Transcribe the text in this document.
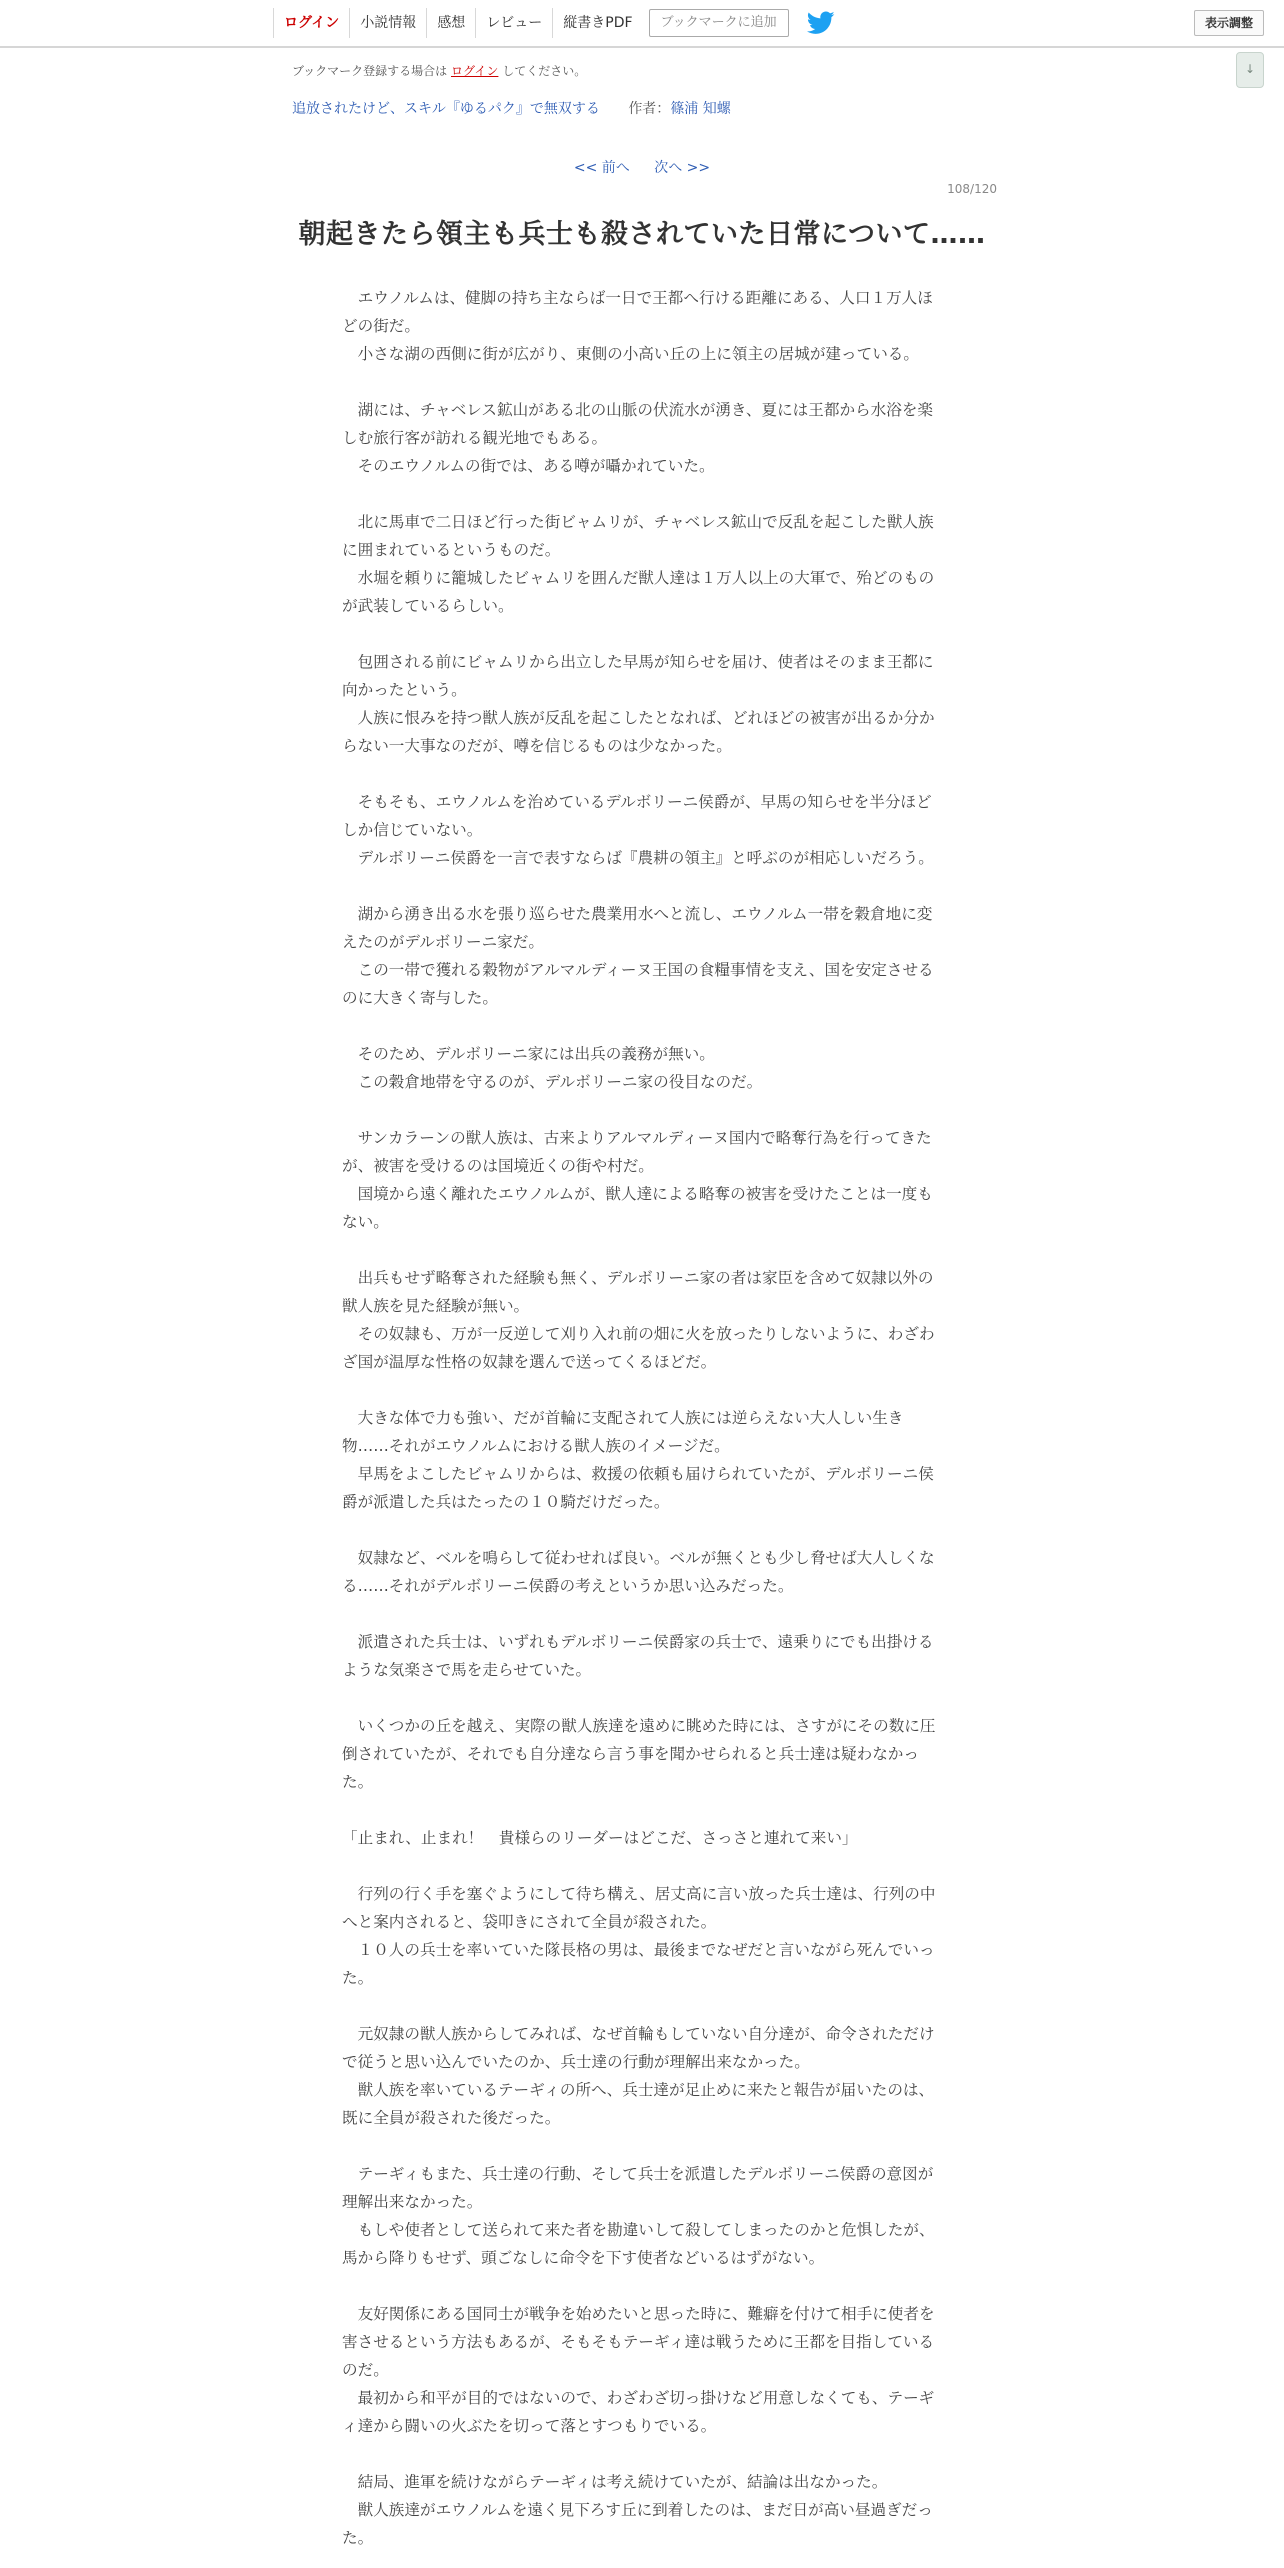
ログイン	小説情報	感想	レビュー	縦書きPDF	ブックマークに追加	表示調整
↓
ブックマーク登録する場合は ログイン してください。
追放されたけど、スキル『ゆるパク』で無双する 作者：篠浦 知螺
<< 前へ 次へ >>
108/120
朝起きたら領主も兵士も殺されていた日常について……

　エウノルムは、健脚の持ち主ならば一日で王都へ行ける距離にある、人口１万人ほどの街だ。

　小さな湖の西側に街が広がり、東側の小高い丘の上に領主の居城が建っている。

　湖には、チャベレス鉱山がある北の山脈の伏流水が湧き、夏には王都から水浴を楽しむ旅行客が訪れる観光地でもある。

　そのエウノルムの街では、ある噂が囁かれていた。

　北に馬車で二日ほど行った街ビャムリが、チャベレス鉱山で反乱を起こした獣人族に囲まれているというものだ。

　水堀を頼りに籠城したビャムリを囲んだ獣人達は１万人以上の大軍で、殆どのものが武装しているらしい。

　包囲される前にビャムリから出立した早馬が知らせを届け、使者はそのまま王都に向かったという。

　人族に恨みを持つ獣人族が反乱を起こしたとなれば、どれほどの被害が出るか分からない一大事なのだが、噂を信じるものは少なかった。

　そもそも、エウノルムを治めているデルボリーニ侯爵が、早馬の知らせを半分ほどしか信じていない。

　デルボリーニ侯爵を一言で表すならば『農耕の領主』と呼ぶのが相応しいだろう。

　湖から湧き出る水を張り巡らせた農業用水へと流し、エウノルム一帯を穀倉地に変えたのがデルボリーニ家だ。

　この一帯で獲れる穀物がアルマルディーヌ王国の食糧事情を支え、国を安定させるのに大きく寄与した。

　そのため、デルボリーニ家には出兵の義務が無い。

　この穀倉地帯を守るのが、デルボリーニ家の役目なのだ。

　サンカラーンの獣人族は、古来よりアルマルディーヌ国内で略奪行為を行ってきたが、被害を受けるのは国境近くの街や村だ。

　国境から遠く離れたエウノルムが、獣人達による略奪の被害を受けたことは一度もない。

　出兵もせず略奪された経験も無く、デルボリーニ家の者は家臣を含めて奴隷以外の獣人族を見た経験が無い。

　その奴隷も、万が一反逆して刈り入れ前の畑に火を放ったりしないように、わざわざ国が温厚な性格の奴隷を選んで送ってくるほどだ。

　大きな体で力も強い、だが首輪に支配されて人族には逆らえない大人しい生き物……それがエウノルムにおける獣人族のイメージだ。

　早馬をよこしたビャムリからは、救援の依頼も届けられていたが、デルボリーニ侯爵が派遣した兵はたったの１０騎だけだった。

　奴隷など、ベルを鳴らして従わせれば良い。ベルが無くとも少し脅せば大人しくなる……それがデルボリーニ侯爵の考えというか思い込みだった。

　派遣された兵士は、いずれもデルボリーニ侯爵家の兵士で、遠乗りにでも出掛けるような気楽さで馬を走らせていた。

　いくつかの丘を越え、実際の獣人族達を遠めに眺めた時には、さすがにその数に圧倒されていたが、それでも自分達なら言う事を聞かせられると兵士達は疑わなかった。

「止まれ、止まれ！　貴様らのリーダーはどこだ、さっさと連れて来い」

　行列の行く手を塞ぐようにして待ち構え、居丈高に言い放った兵士達は、行列の中へと案内されると、袋叩きにされて全員が殺された。

　１０人の兵士を率いていた隊長格の男は、最後までなぜだと言いながら死んでいった。

　元奴隷の獣人族からしてみれば、なぜ首輪もしていない自分達が、命令されただけで従うと思い込んでいたのか、兵士達の行動が理解出来なかった。

　獣人族を率いているテーギィの所へ、兵士達が足止めに来たと報告が届いたのは、既に全員が殺された後だった。

　テーギィもまた、兵士達の行動、そして兵士を派遣したデルボリーニ侯爵の意図が理解出来なかった。

　もしや使者として送られて来た者を勘違いして殺してしまったのかと危惧したが、馬から降りもせず、頭ごなしに命令を下す使者などいるはずがない。

　友好関係にある国同士が戦争を始めたいと思った時に、難癖を付けて相手に使者を害させるという方法もあるが、そもそもテーギィ達は戦うために王都を目指しているのだ。

　最初から和平が目的ではないので、わざわざ切っ掛けなど用意しなくても、テーギィ達から闘いの火ぶたを切って落とすつもりでいる。

　結局、進軍を続けながらテーギィは考え続けていたが、結論は出なかった。

　獣人族達がエウノルムを遠く見下ろす丘に到着したのは、まだ日が高い昼過ぎだった。
